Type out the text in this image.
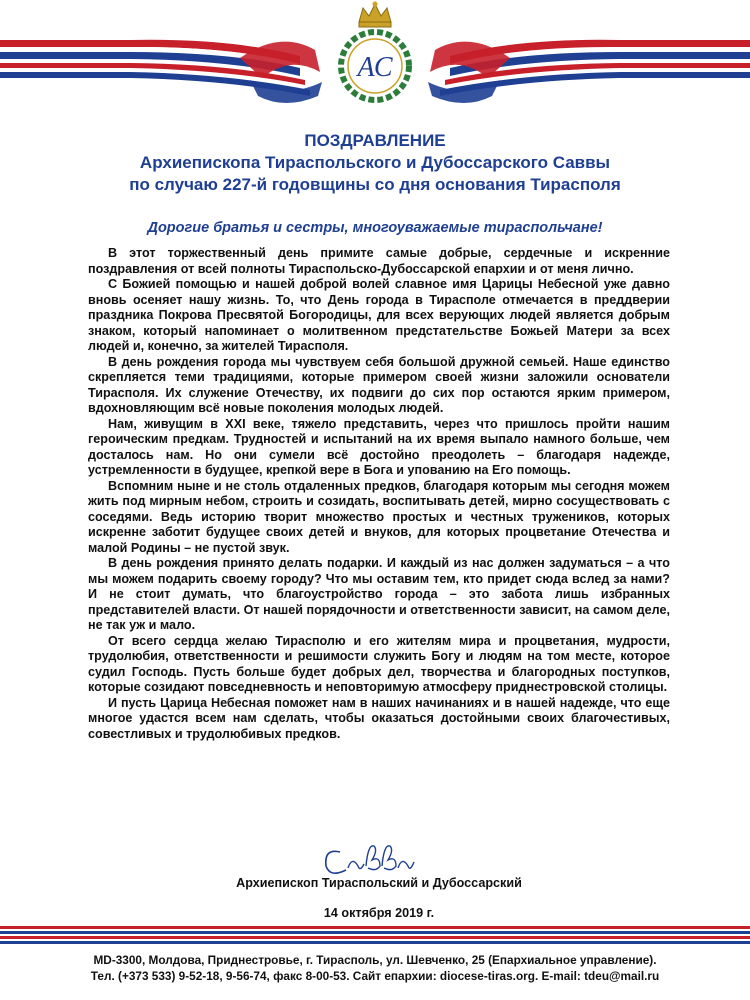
АС
ПОЗДРАВЛЕНИЕ
Архиепископа Тираспольского и Дубоссарского Саввы
по случаю 227-й годовщины со дня основания Тирасполя
Дорогие братья и сестры, многоуважаемые тираспольчане!

В этот торжественный день примите самые добрые, сердечные и искренние поздравления от всей полноты Тираспольско-Дубоссарской епархии и от меня лично.

С Божией помощью и нашей доброй волей славное имя Царицы Небесной уже давно вновь осеняет нашу жизнь. То, что День города в Тирасполе отмечается в преддверии праздника Покрова Пресвятой Богородицы, для всех верующих людей является добрым знаком, который напоминает о молитвенном предстательстве Божьей Матери за всех людей и, конечно, за жителей Тирасполя.

В день рождения города мы чувствуем себя большой дружной семьей. Наше единство скрепляется теми традициями, которые примером своей жизни заложили основатели Тирасполя. Их служение Отечеству, их подвиги до сих пор остаются ярким примером, вдохновляющим всё новые поколения молодых людей.

Нам, живущим в XXI веке, тяжело представить, через что пришлось пройти нашим героическим предкам. Трудностей и испытаний на их время выпало намного больше, чем досталось нам. Но они сумели всё достойно преодолеть – благодаря надежде, устремленности в будущее, крепкой вере в Бога и упованию на Его помощь.

Вспомним ныне и не столь отдаленных предков, благодаря которым мы сегодня можем жить под мирным небом, строить и созидать, воспитывать детей, мирно сосуществовать с соседями. Ведь историю творит множество простых и честных тружеников, которых искренне заботит будущее своих детей и внуков, для которых процветание Отечества и малой Родины – не пустой звук.

В день рождения принято делать подарки. И каждый из нас должен задуматься – а что мы можем подарить своему городу? Что мы оставим тем, кто придет сюда вслед за нами? И не стоит думать, что благоустройство города – это забота лишь избранных представителей власти. От нашей порядочности и ответственности зависит, на самом деле, не так уж и мало.

От всего сердца желаю Тирасполю и его жителям мира и процветания, мудрости, трудолюбия, ответственности и решимости служить Богу и людям на том месте, которое судил Господь. Пусть больше будет добрых дел, творчества и благородных поступков, которые созидают повседневность и неповторимую атмосферу приднестровской столицы.

И пусть Царица Небесная поможет нам в наших начинаниях и в нашей надежде, что еще многое удастся всем нам сделать, чтобы оказаться достойными своих благочестивых, совестливых и трудолюбивых предков.

Архиепископ Тираспольский и Дубоссарский
14 октября 2019 г.
MD-3300, Молдова, Приднестровье, г. Тирасполь, ул. Шевченко, 25 (Епархиальное управление).
Тел. (+373 533) 9-52-18, 9-56-74, факс 8-00-53. Сайт епархии: diocese-tiras.org. E-mail: tdeu@mail.ru
